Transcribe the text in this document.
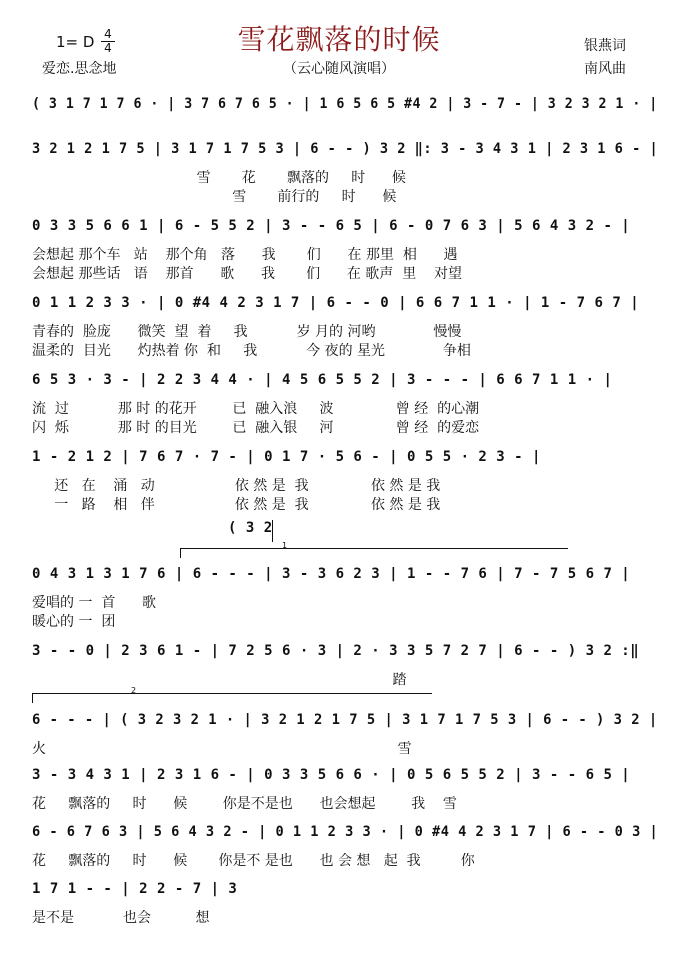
1= D 4
4	雪花飘落的时候	银燕词
爱恋.思念地	（云心随风演唱）	南风曲
( 3 1 7 1 7 6 · | 3 7 6 7 6 5 · | 1 6 5 6 5 #4 2 | 3 - 7 - | 3 2 3 2 1 · |
3 2 1 2 1 7 5 | 3 1 7 1 7 5 3 | 6 - - ) 3 2 ‖: 3 - 3 4 3 1 | 2 3 1 6 - |
雪       花       飘落的     时      候
雪       前行的     时      候
0 3 3 5 6 6 1 | 6 - 5 5 2 | 3 - - 6 5 | 6 - 0 7 6 3 | 5 6 4 3 2 - |
会想起 那个车   站    那个角   落      我       们      在 那里  相      遇
会想起 那些话   语    那首      歌      我       们      在 歌声  里    对望
0 1 1 2 3 3 · | 0 #4 4 2 3 1 7 | 6 - - 0 | 6 6 7 1 1 · | 1 - 7 6 7 |
青春的  脸庞      微笑  望  着     我           岁 月的 河哟             慢慢
温柔的  目光      灼热着 你  和     我           今 夜的 星光             争相
6 5 3 · 3 - | 2 2 3 4 4 · | 4 5 6 5 5 2 | 3 - - - | 6 6 7 1 1 · |
流  过           那 时 的花开        已  融入浪     波              曾 经  的心潮
闪  烁           那 时 的目光        已  融入银     河              曾 经  的爱恋
1 - 2 1 2 | 7 6 7 · 7 - | 0 1 7 · 5 6 - | 0 5 5 · 2 3 - |
还   在    涌   动                  依 然 是  我              依 然 是 我
一   路    相   伴                  依 然 是  我              依 然 是 我
0 4 3 1 3 1 7 6 | 6 - - - | 3 - 3 6 2 3 | 1 - - 7 6 | 7 - 7 5 6 7 |
爱唱的 一  首      歌
暖心的 一  团
3 - - 0 | 2 3 6 1 - | 7 2 5 6 · 3 | 2 · 3 3 5 7 2 7 | 6 - - ) 3 2 :‖
踏
6 - - - | ( 3 2 3 2 1 · | 3 2 1 2 1 7 5 | 3 1 7 1 7 5 3 | 6 - - ) 3 2 |
火                                                                               雪
3 - 3 4 3 1 | 2 3 1 6 - | 0 3 3 5 6 6 · | 0 5 6 5 5 2 | 3 - - 6 5 |
花     飘落的     时      候        你是不是也      也会想起        我    雪
6 - 6 7 6 3 | 5 6 4 3 2 - | 0 1 1 2 3 3 · | 0 #4 4 2 3 1 7 | 6 - - 0 3 |
花     飘落的     时      候       你是不 是也      也 会 想   起  我         你
1 7 1 - - | 2 2 - 7 | 3
是不是           也会          想
( 3 2
1
2
